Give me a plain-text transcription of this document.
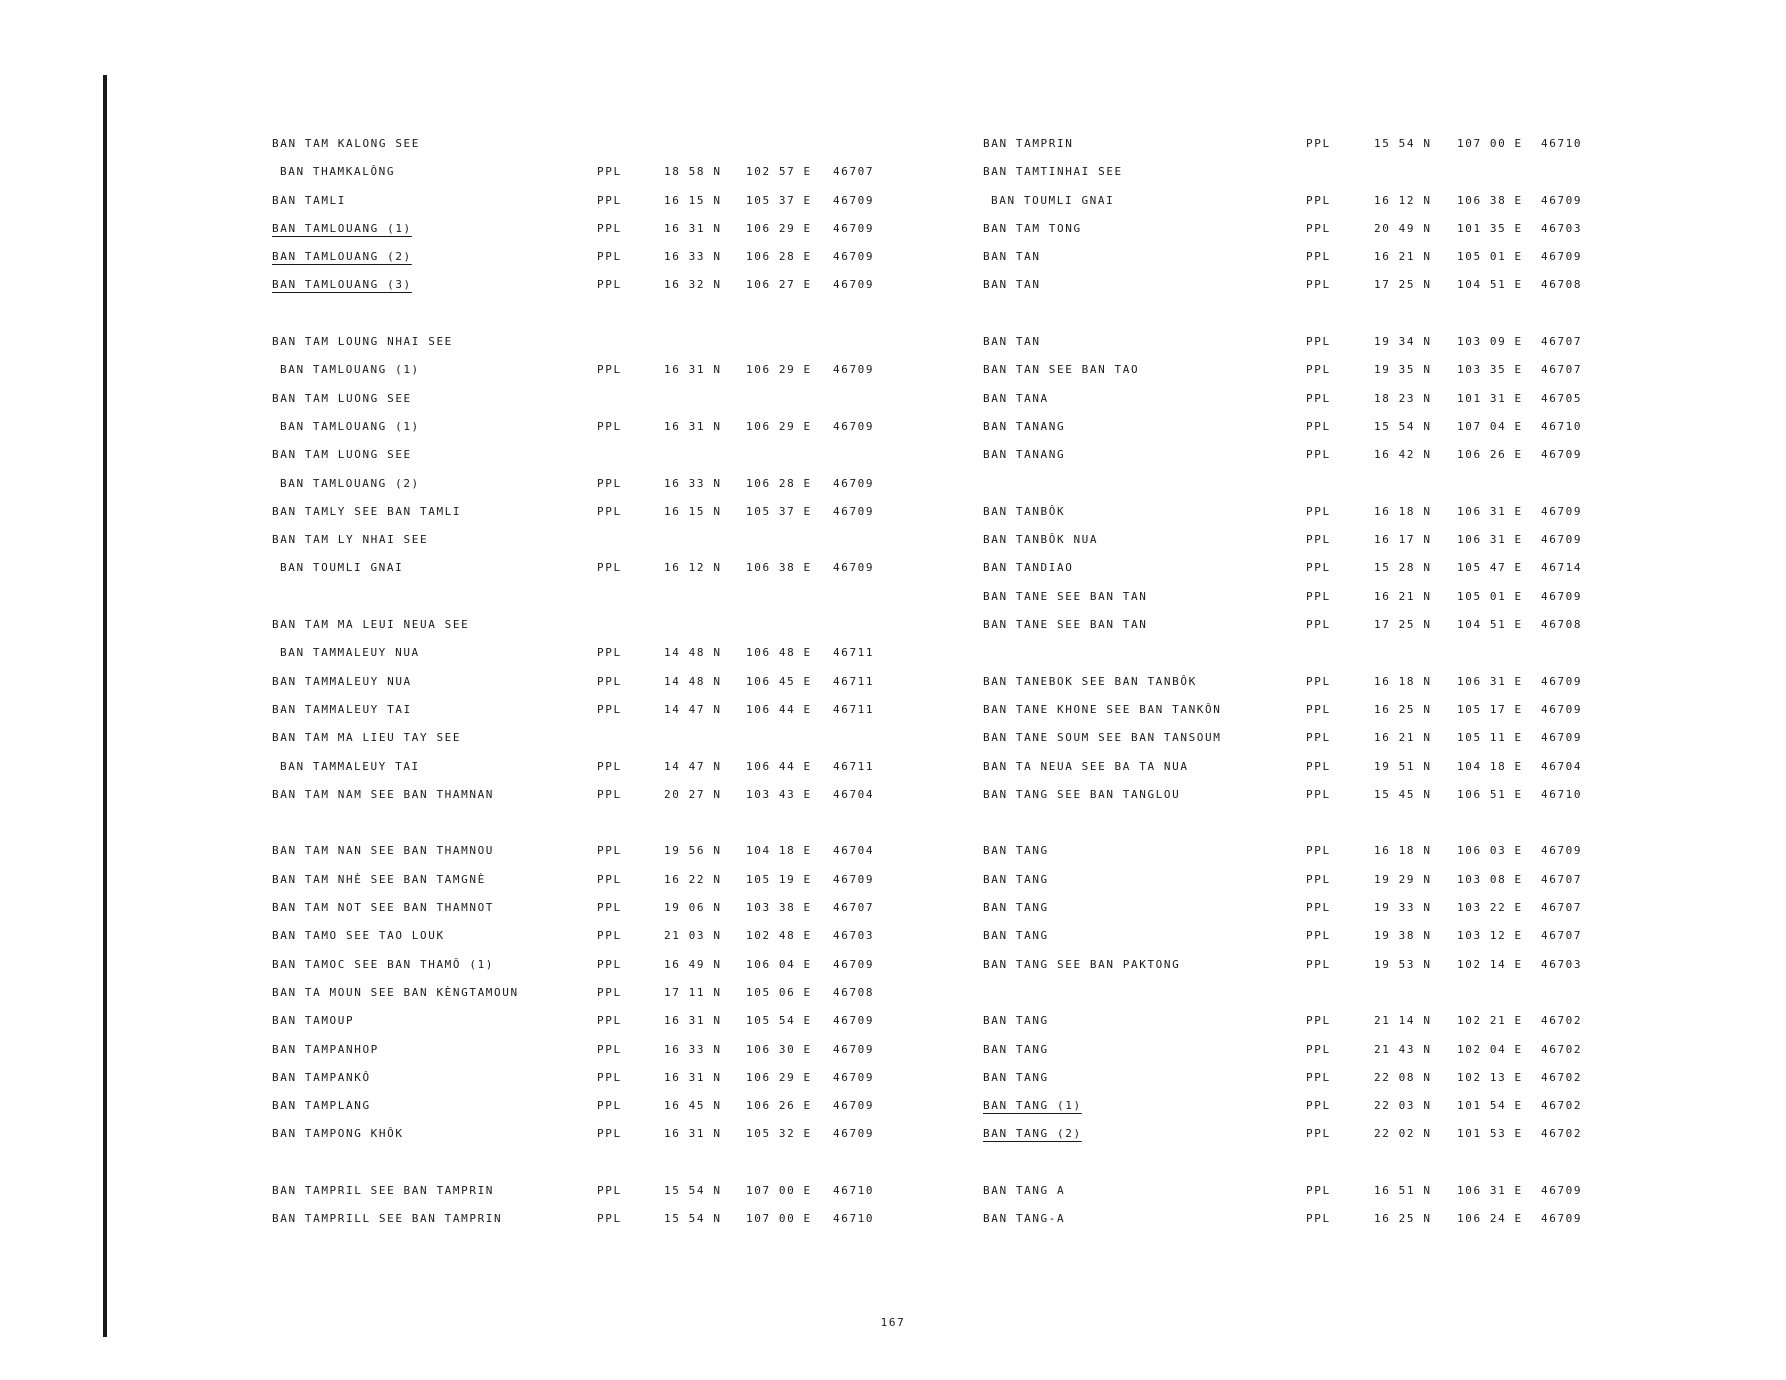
BAN TAM KALONG SEE
BAN THAMKALÔNG	PPL	18 58 N 102 57 E 46707
BAN TAMLI	PPL	16 15 N 105 37 E 46709
BAN TAMLOUANG (1)	PPL	16 31 N 106 29 E 46709
BAN TAMLOUANG (2)	PPL	16 33 N 106 28 E 46709
BAN TAMLOUANG (3)	PPL	16 32 N 106 27 E 46709
BAN TAM LOUNG NHAI SEE
BAN TAMLOUANG (1)	PPL	16 31 N 106 29 E 46709
BAN TAM LUONG SEE
BAN TAMLOUANG (1)	PPL	16 31 N 106 29 E 46709
BAN TAM LUONG SEE
BAN TAMLOUANG (2)	PPL	16 33 N 106 28 E 46709
BAN TAMLY SEE BAN TAMLI	PPL	16 15 N 105 37 E 46709
BAN TAM LY NHAI SEE
BAN TOUMLI GNAI	PPL	16 12 N 106 38 E 46709
BAN TAM MA LEUI NEUA SEE
BAN TAMMALEUY NUA	PPL	14 48 N 106 48 E 46711
BAN TAMMALEUY NUA	PPL	14 48 N 106 45 E 46711
BAN TAMMALEUY TAI	PPL	14 47 N 106 44 E 46711
BAN TAM MA LIEU TAY SEE
BAN TAMMALEUY TAI	PPL	14 47 N 106 44 E 46711
BAN TAM NAM SEE BAN THAMNAN	PPL	20 27 N 103 43 E 46704
BAN TAM NAN SEE BAN THAMNOU	PPL	19 56 N 104 18 E 46704
BAN TAM NHÈ SEE BAN TAMGNÈ	PPL	16 22 N 105 19 E 46709
BAN TAM NOT SEE BAN THAMNOT	PPL	19 06 N 103 38 E 46707
BAN TAMO SEE TAO LOUK	PPL	21 03 N 102 48 E 46703
BAN TAMOC SEE BAN THAMÔ (1)	PPL	16 49 N 106 04 E 46709
BAN TA MOUN SEE BAN KÈNGTAMOUN	PPL	17 11 N 105 06 E 46708
BAN TAMOUP	PPL	16 31 N 105 54 E 46709
BAN TAMPANHOP	PPL	16 33 N 106 30 E 46709
BAN TAMPANKÔ	PPL	16 31 N 106 29 E 46709
BAN TAMPLANG	PPL	16 45 N 106 26 E 46709
BAN TAMPONG KHÔK	PPL	16 31 N 105 32 E 46709
BAN TAMPRIL SEE BAN TAMPRIN	PPL	15 54 N 107 00 E 46710
BAN TAMPRILL SEE BAN TAMPRIN	PPL	15 54 N 107 00 E 46710
BAN TAMPRIN	PPL	15 54 N 107 00 E 46710
BAN TAMTINHAI SEE
BAN TOUMLI GNAI	PPL	16 12 N 106 38 E 46709
BAN TAM TONG	PPL	20 49 N 101 35 E 46703
BAN TAN	PPL	16 21 N 105 01 E 46709
BAN TAN	PPL	17 25 N 104 51 E 46708
BAN TAN	PPL	19 34 N 103 09 E 46707
BAN TAN SEE BAN TAO	PPL	19 35 N 103 35 E 46707
BAN TANA	PPL	18 23 N 101 31 E 46705
BAN TANANG	PPL	15 54 N 107 04 E 46710
BAN TANANG	PPL	16 42 N 106 26 E 46709
BAN TANBÔK	PPL	16 18 N 106 31 E 46709
BAN TANBÔK NUA	PPL	16 17 N 106 31 E 46709
BAN TANDIAO	PPL	15 28 N 105 47 E 46714
BAN TANE SEE BAN TAN	PPL	16 21 N 105 01 E 46709
BAN TANE SEE BAN TAN	PPL	17 25 N 104 51 E 46708
BAN TANEBOK SEE BAN TANBÔK	PPL	16 18 N 106 31 E 46709
BAN TANE KHONE SEE BAN TANKÔN	PPL	16 25 N 105 17 E 46709
BAN TANE SOUM SEE BAN TANSOUM	PPL	16 21 N 105 11 E 46709
BAN TA NEUA SEE BA TA NUA	PPL	19 51 N 104 18 E 46704
BAN TANG SEE BAN TANGLOU	PPL	15 45 N 106 51 E 46710
BAN TANG	PPL	16 18 N 106 03 E 46709
BAN TANG	PPL	19 29 N 103 08 E 46707
BAN TANG	PPL	19 33 N 103 22 E 46707
BAN TANG	PPL	19 38 N 103 12 E 46707
BAN TANG SEE BAN PAKTONG	PPL	19 53 N 102 14 E 46703
BAN TANG	PPL	21 14 N 102 21 E 46702
BAN TANG	PPL	21 43 N 102 04 E 46702
BAN TANG	PPL	22 08 N 102 13 E 46702
BAN TANG (1)	PPL	22 03 N 101 54 E 46702
BAN TANG (2)	PPL	22 02 N 101 53 E 46702
BAN TANG A	PPL	16 51 N 106 31 E 46709
BAN TANG-A	PPL	16 25 N 106 24 E 46709
167
